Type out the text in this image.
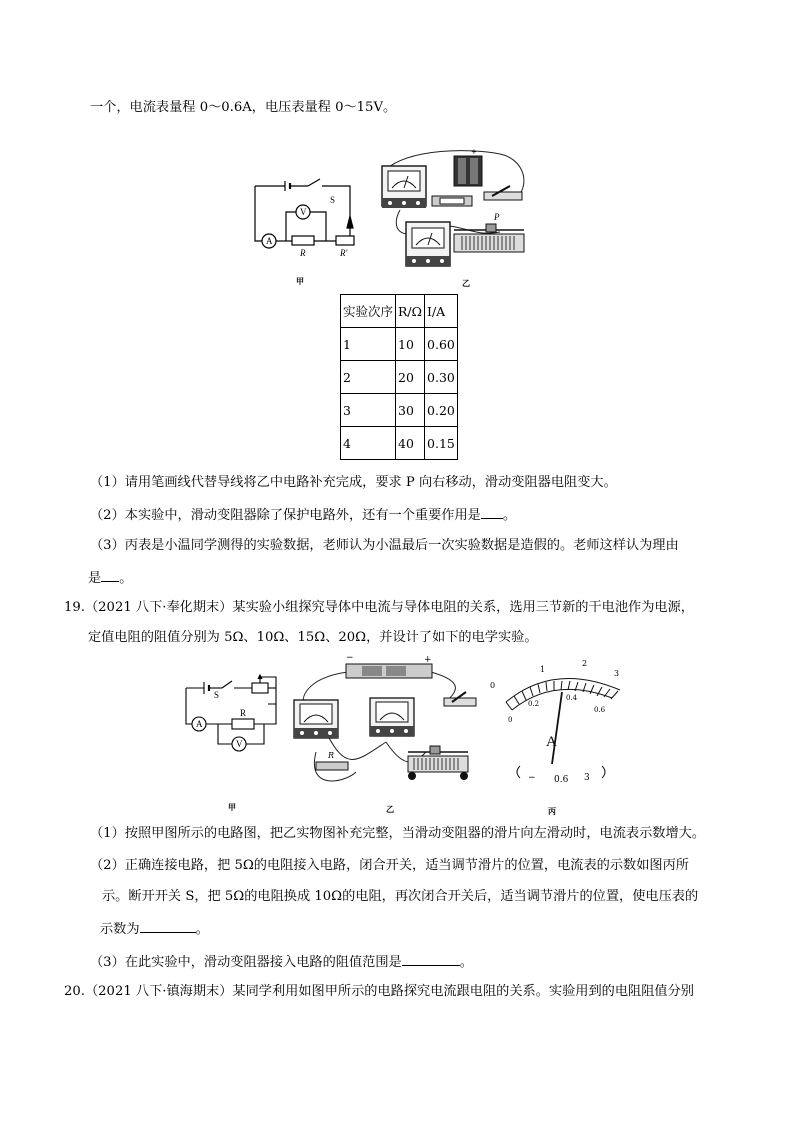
一个，电流表量程 0～0.6A，电压表量程 0～15V。
A
V
S
R	R'
甲
+
P
乙
实验次序	R/Ω	I/A
1	10	0.60
2	20	0.30
3	30	0.20
4	40	0.15
（1）请用笔画线代替导线将乙中电路补充完成，要求 P 向右移动，滑动变阻器电阻变大。
（2）本实验中，滑动变阻器除了保护电路外，还有一个重要作用是 。
（3）丙表是小温同学测得的实验数据，老师认为小温最后一次实验数据是造假的。老师这样认为理由
是 。
19.（2021 八下·奉化期末）某实验小组探究导体中电流与导体电阻的关系，选用三节新的干电池作为电源，
定值电阻的阻值分别为 5Ω、10Ω、15Ω、20Ω，并设计了如下的电学实验。
S
A
R
V
甲
−	+
R
乙
0
1
2
3
0
0.2
0.4
0.6
A
− 0.6 3
丙
（1）按照甲图所示的电路图，把乙实物图补充完整，当滑动变阻器的滑片向左滑动时，电流表示数增大。
（2）正确连接电路，把 5Ω的电阻接入电路，闭合开关，适当调节滑片的位置，电流表的示数如图丙所
示。断开开关 S，把 5Ω的电阻换成 10Ω的电阻，再次闭合开关后，适当调节滑片的位置，使电压表的
示数为	。
（3）在此实验中，滑动变阻器接入电路的阻值范围是	。
20.（2021 八下·镇海期末）某同学利用如图甲所示的电路探究电流跟电阻的关系。实验用到的电阻阻值分别
